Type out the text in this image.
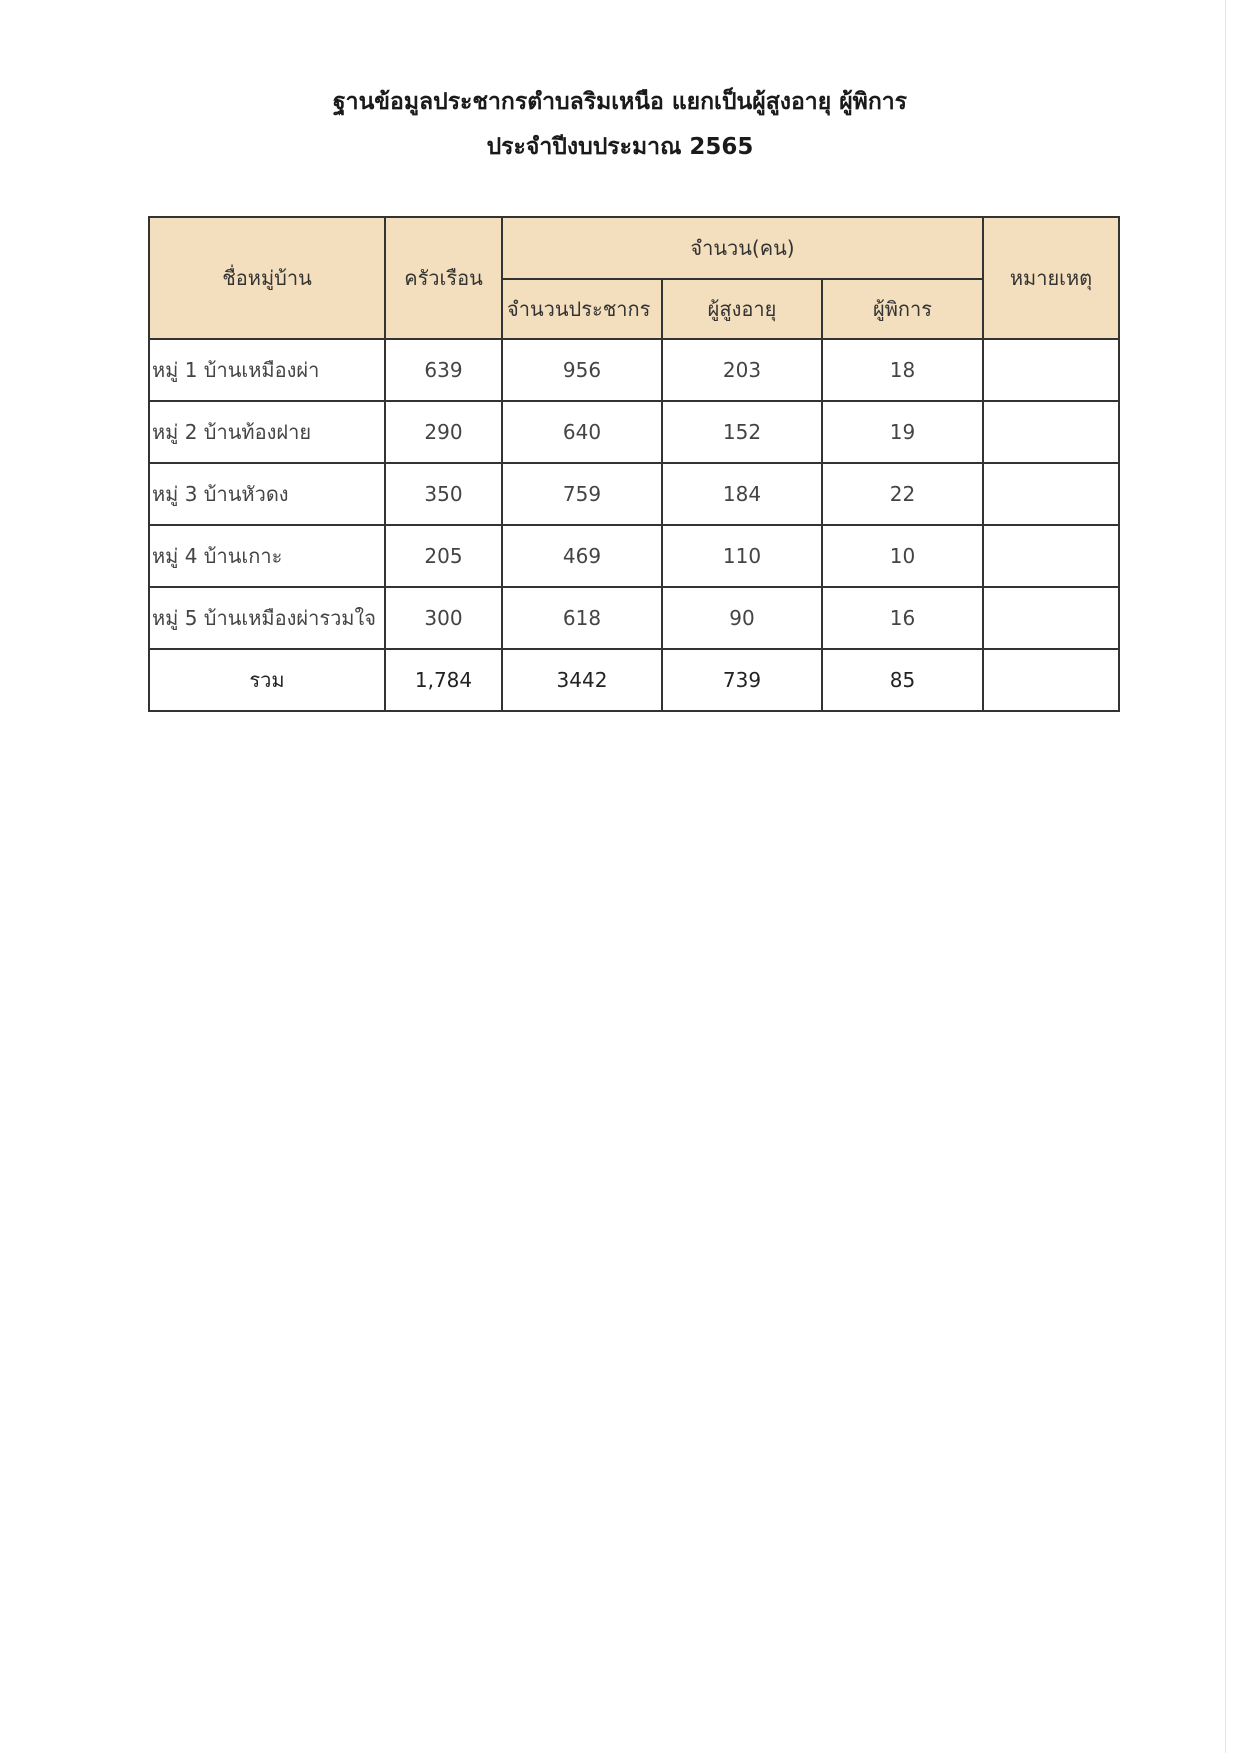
ฐานข้อมูลประชากรตำบลริมเหนือ แยกเป็นผู้สูงอายุ ผู้พิการ
ประจำปีงบประมาณ 2565
ชื่อหมู่บ้าน	ครัวเรือน	จำนวน(คน)			หมายเหตุ
		จำนวนประชากร	ผู้สูงอายุ	ผู้พิการ	
หมู่ 1 บ้านเหมืองผ่า	639	956	203	18	
หมู่ 2 บ้านท้องฝาย	290	640	152	19	
หมู่ 3 บ้านหัวดง	350	759	184	22	
หมู่ 4 บ้านเกาะ	205	469	110	10	
หมู่ 5 บ้านเหมืองผ่ารวมใจ	300	618	90	16	
รวม	1,784	3442	739	85	
